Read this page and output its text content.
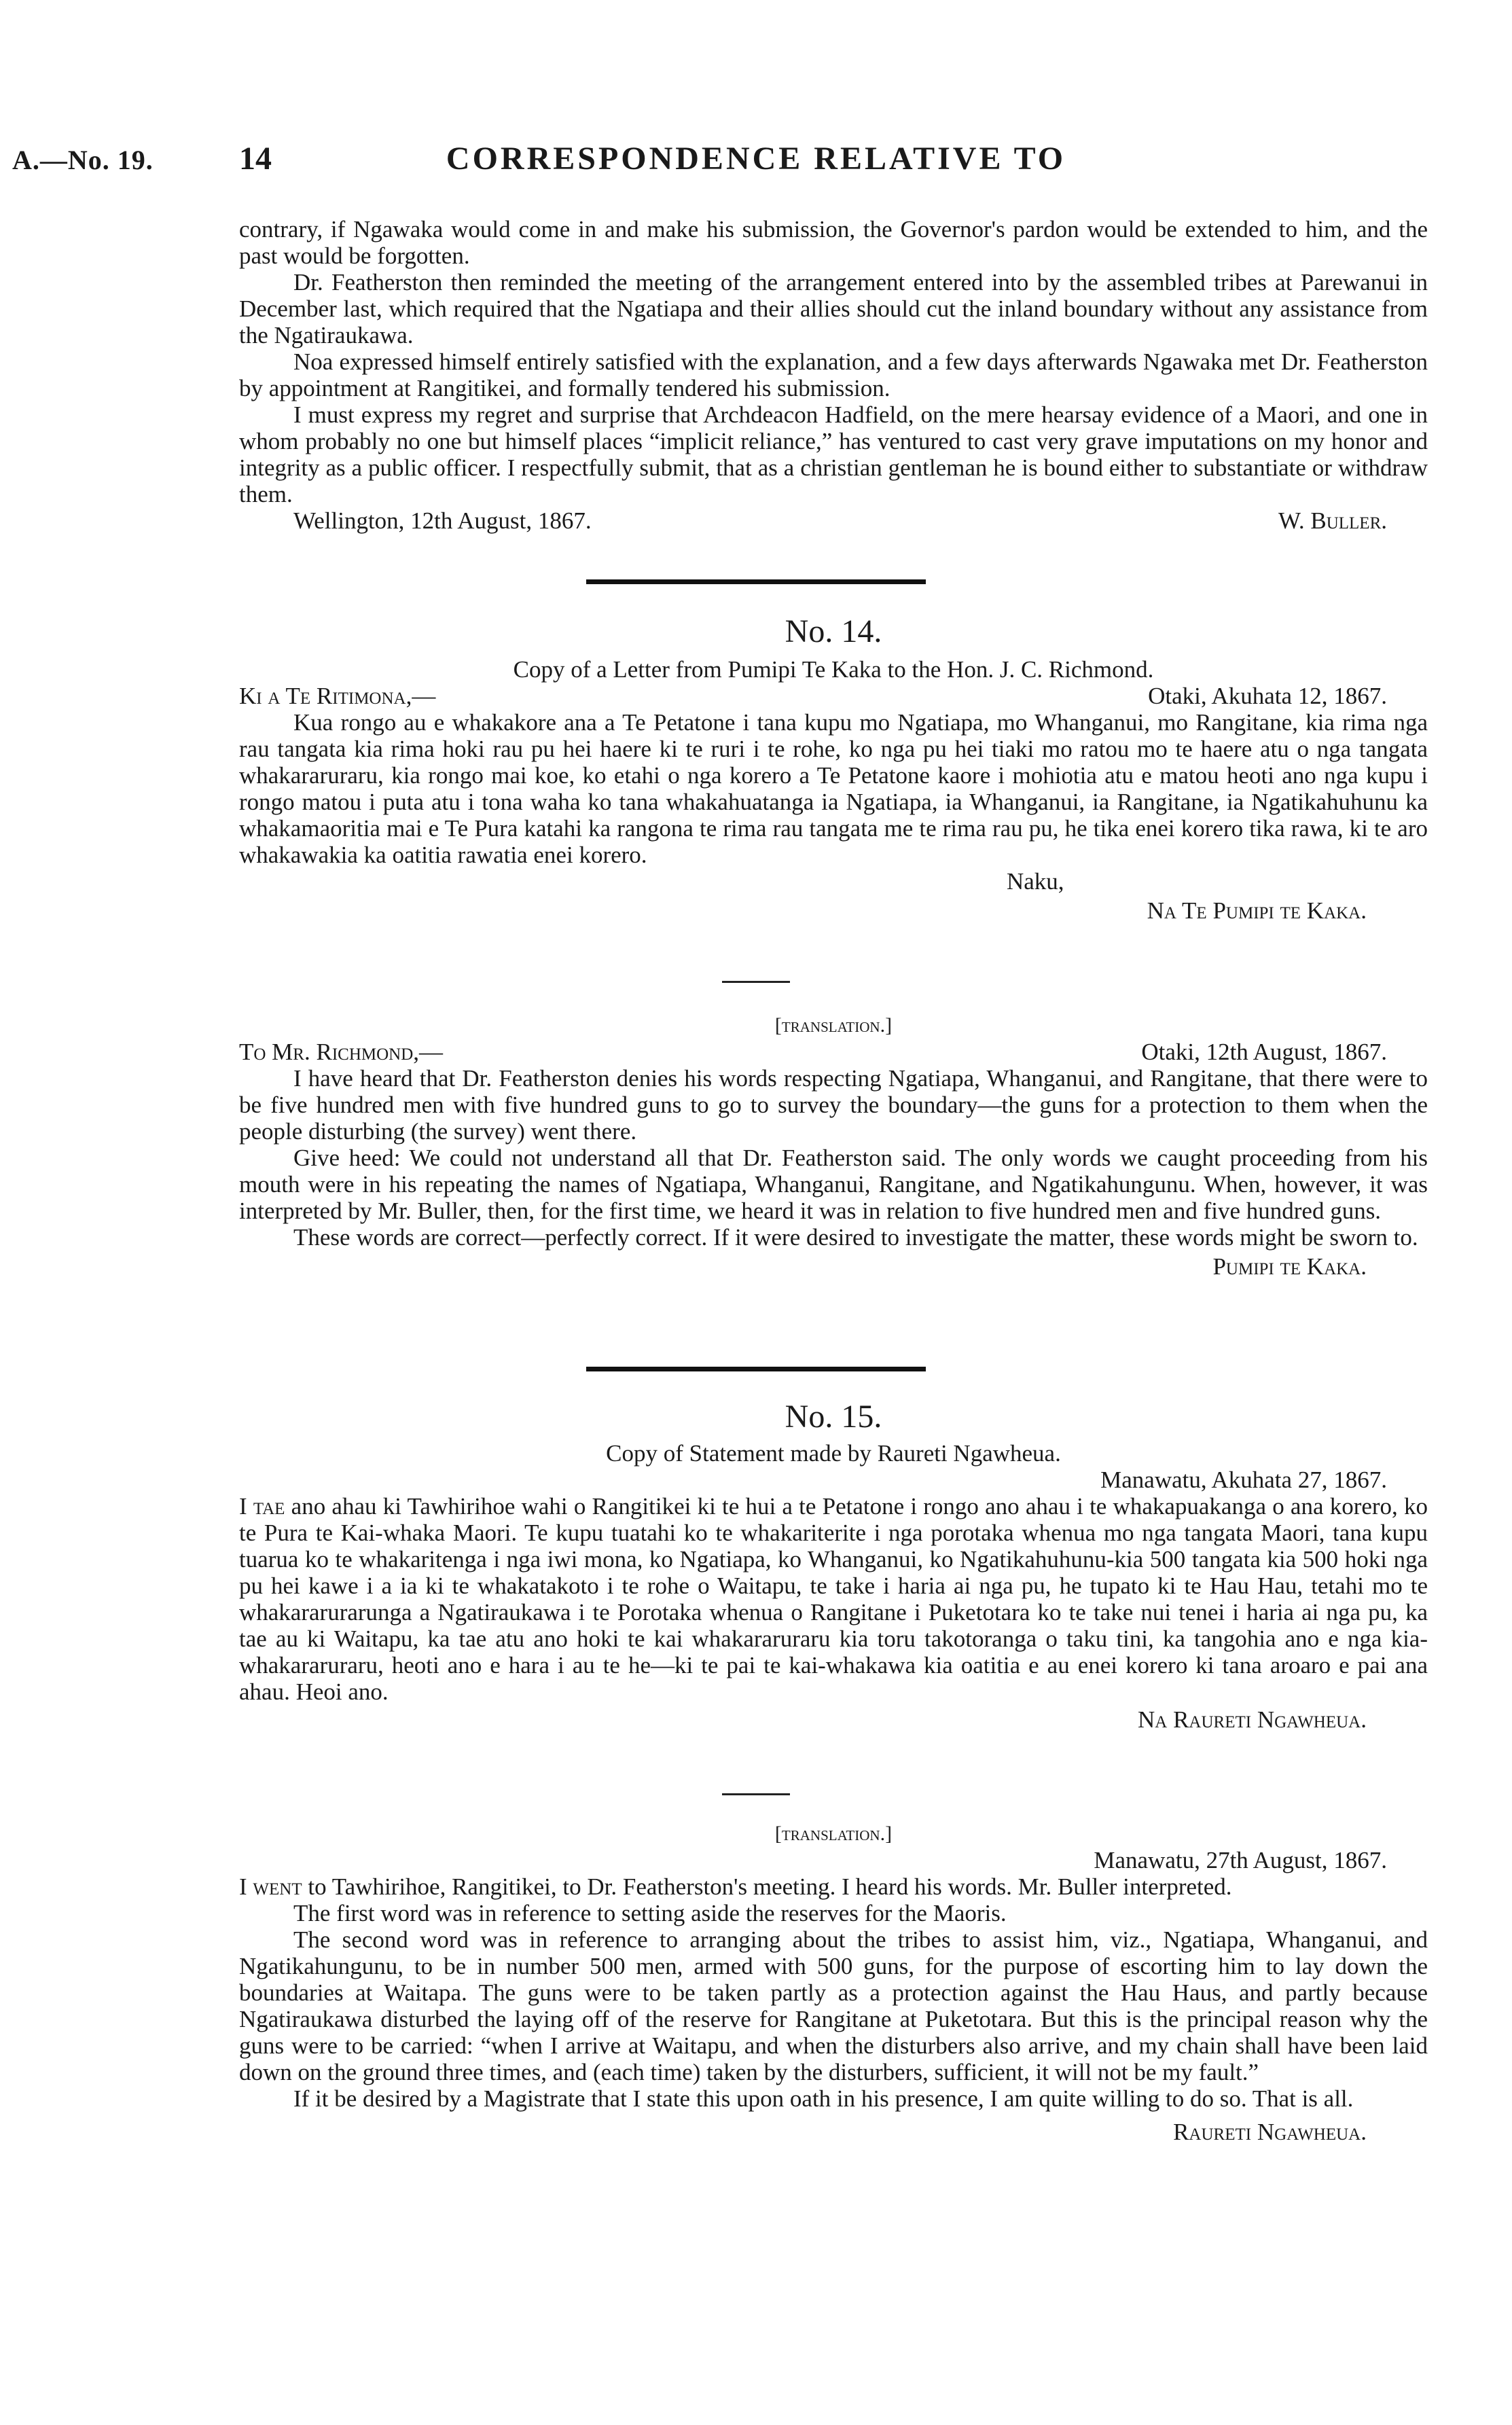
A.—No. 19.	14	CORRESPONDENCE RELATIVE TO

contrary, if Ngawaka would come in and make his submission, the Governor's pardon would be extended to him, and the past would be forgotten.

Dr. Featherston then reminded the meeting of the arrangement entered into by the assembled tribes at Parewanui in December last, which required that the Ngatiapa and their allies should cut the inland boundary without any assistance from the Ngatiraukawa.

Noa expressed himself entirely satisfied with the explanation, and a few days afterwards Ngawaka met Dr. Featherston by appointment at Rangitikei, and formally tendered his submission.

I must express my regret and surprise that Archdeacon Hadfield, on the mere hearsay evidence of a Maori, and one in whom probably no one but himself places “implicit reliance,” has ventured to cast very grave imputations on my honor and integrity as a public officer. I respectfully submit, that as a christian gentleman he is bound either to substantiate or withdraw them.

Wellington, 12th August, 1867.	W. Buller.
No. 14.

Copy of a Letter from Pumipi Te Kaka to the Hon. J. C. Richmond.

Ki a Te Ritimona,—	Otaki, Akuhata 12, 1867.

Kua rongo au e whakakore ana a Te Petatone i tana kupu mo Ngatiapa, mo Whanganui, mo Rangitane, kia rima nga rau tangata kia rima hoki rau pu hei haere ki te ruri i te rohe, ko nga pu hei tiaki mo ratou mo te haere atu o nga tangata whakararuraru, kia rongo mai koe, ko etahi o nga korero a Te Petatone kaore i mohiotia atu e matou heoti ano nga kupu i rongo matou i puta atu i tona waha ko tana whakahuatanga ia Ngatiapa, ia Whanganui, ia Rangitane, ia Ngatikahuhunu ka whakamaoritia mai e Te Pura katahi ka rangona te rima rau tangata me te rima rau pu, he tika enei korero tika rawa, ki te aro whakawakia ka oatitia rawatia enei korero.

Naku,
Na Te Pumipi te Kaka.

[translation.]

To Mr. Richmond,—	Otaki, 12th August, 1867.

I have heard that Dr. Featherston denies his words respecting Ngatiapa, Whanganui, and Rangitane, that there were to be five hundred men with five hundred guns to go to survey the boundary—the guns for a protection to them when the people disturbing (the survey) went there.

Give heed: We could not understand all that Dr. Featherston said. The only words we caught proceeding from his mouth were in his repeating the names of Ngatiapa, Whanganui, Rangitane, and Ngatikahungunu. When, however, it was interpreted by Mr. Buller, then, for the first time, we heard it was in relation to five hundred men and five hundred guns.

These words are correct—perfectly correct. If it were desired to investigate the matter, these words might be sworn to.

Pumipi te Kaka.
No. 15.

Copy of Statement made by Raureti Ngawheua.

Manawatu, Akuhata 27, 1867.

I tae ano ahau ki Tawhirihoe wahi o Rangitikei ki te hui a te Petatone i rongo ano ahau i te whakapuakanga o ana korero, ko te Pura te Kai-whaka Maori. Te kupu tuatahi ko te whakariterite i nga porotaka whenua mo nga tangata Maori, tana kupu tuarua ko te whakaritenga i nga iwi mona, ko Ngatiapa, ko Whanganui, ko Ngatikahuhunu-kia 500 tangata kia 500 hoki nga pu hei kawe i a ia ki te whakatakoto i te rohe o Waitapu, te take i haria ai nga pu, he tupato ki te Hau Hau, tetahi mo te whakararurarunga a Ngatiraukawa i te Porotaka whenua o Rangitane i Puketotara ko te take nui tenei i haria ai nga pu, ka tae au ki Waitapu, ka tae atu ano hoki te kai whakararuraru kia toru takotoranga o taku tini, ka tangohia ano e nga kia-whakararuraru, heoti ano e hara i au te he—ki te pai te kai-whakawa kia oatitia e au enei korero ki tana aroaro e pai ana ahau. Heoi ano.

Na Raureti Ngawheua.

[translation.]

Manawatu, 27th August, 1867.

I went to Tawhirihoe, Rangitikei, to Dr. Featherston's meeting. I heard his words. Mr. Buller interpreted.

The first word was in reference to setting aside the reserves for the Maoris.

The second word was in reference to arranging about the tribes to assist him, viz., Ngatiapa, Whanganui, and Ngatikahungunu, to be in number 500 men, armed with 500 guns, for the purpose of escorting him to lay down the boundaries at Waitapa. The guns were to be taken partly as a protection against the Hau Haus, and partly because Ngatiraukawa disturbed the laying off of the reserve for Rangitane at Puketotara. But this is the principal reason why the guns were to be carried: “when I arrive at Waitapu, and when the disturbers also arrive, and my chain shall have been laid down on the ground three times, and (each time) taken by the disturbers, sufficient, it will not be my fault.”

If it be desired by a Magistrate that I state this upon oath in his presence, I am quite willing to do so. That is all.

Raureti Ngawheua.
